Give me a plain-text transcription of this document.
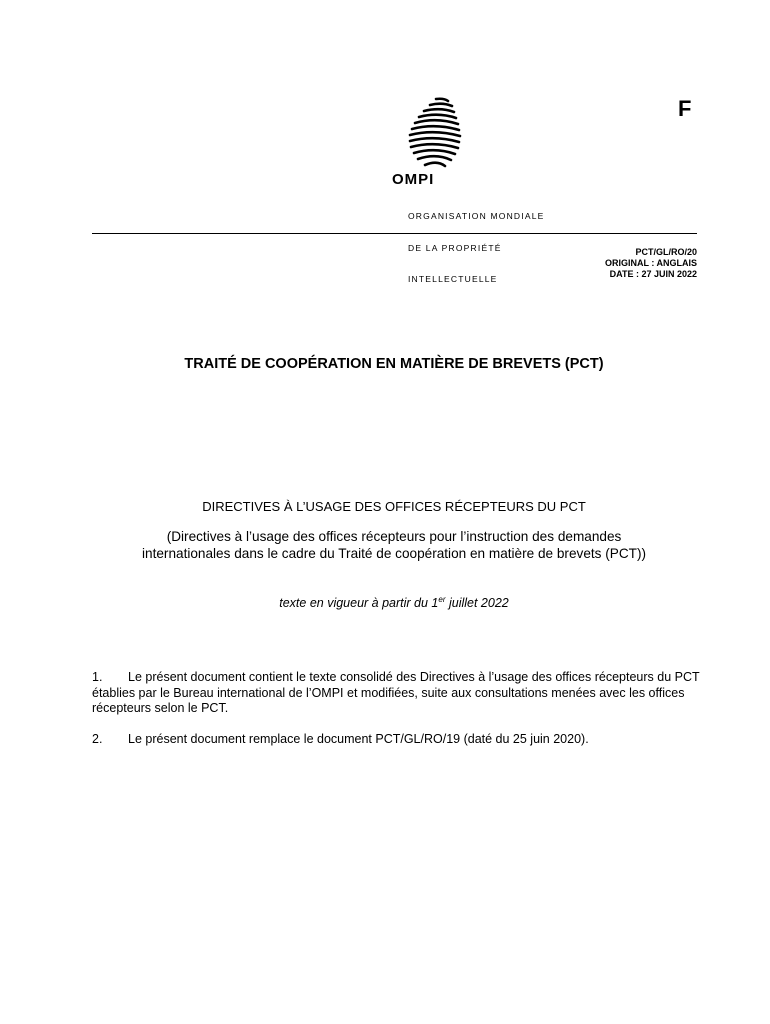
F
OMPI

ORGANISATION MONDIALE

DE LA PROPRIÉTÉ

INTELLECTUELLE

PCT/GL/RO/20
ORIGINAL : ANGLAIS
DATE : 27 JUIN 2022
TRAITÉ DE COOPÉRATION EN MATIÈRE DE BREVETS (PCT)
DIRECTIVES À L’USAGE DES OFFICES RÉCEPTEURS DU PCT
(Directives à l’usage des offices récepteurs pour l’instruction des demandes
internationales dans le cadre du Traité de coopération en matière de brevets (PCT))
texte en vigueur à partir du 1er juillet 2022
1. Le présent document contient le texte consolidé des Directives à l’usage des offices récepteurs du PCT établies par le Bureau international de l’OMPI et modifiées, suite aux consultations menées avec les offices récepteurs selon le PCT.
2. Le présent document remplace le document PCT/GL/RO/19 (daté du 25 juin 2020).
